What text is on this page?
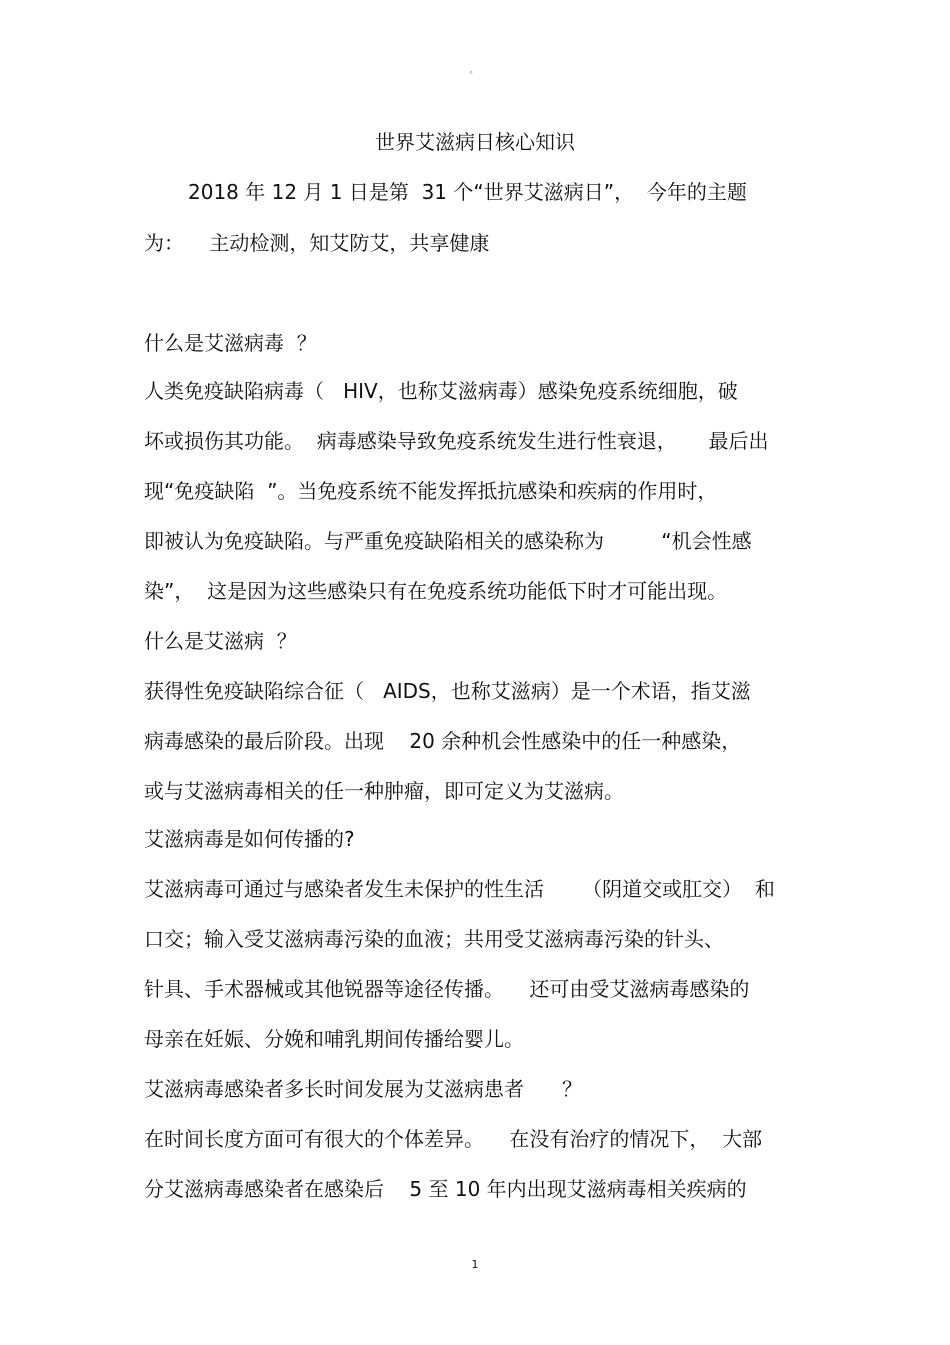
°
世界艾滋病日核心知识
2018 年 12 月 1 日是第  31 个“世界艾滋病日”，  今年的主题
为：    主动检测，知艾防艾，共享健康
什么是艾滋病毒  ？
人类免疫缺陷病毒（   HIV，也称艾滋病毒）感染免疫系统细胞，破
坏或损伤其功能。  病毒感染导致免疫系统发生进行性衰退，     最后出
现“免疫缺陷  ”。当免疫系统不能发挥抵抗感染和疾病的作用时，
即被认为免疫缺陷。与严重免疫缺陷相关的感染称为         “机会性感
染”，  这是因为这些感染只有在免疫系统功能低下时才可能出现。
什么是艾滋病  ？
获得性免疫缺陷综合征（   AIDS，也称艾滋病）是一个术语，指艾滋
病毒感染的最后阶段。出现    20 余种机会性感染中的任一种感染，
或与艾滋病毒相关的任一种肿瘤，即可定义为艾滋病。
艾滋病毒是如何传播的?
艾滋病毒可通过与感染者发生未保护的性生活      （阴道交或肛交）  和
口交；输入受艾滋病毒污染的血液；共用受艾滋病毒污染的针头、
针具、手术器械或其他锐器等途径传播。    还可由受艾滋病毒感染的
母亲在妊娠、分娩和哺乳期间传播给婴儿。
艾滋病毒感染者多长时间发展为艾滋病患者      ？
在时间长度方面可有很大的个体差异。    在没有治疗的情况下，  大部
分艾滋病毒感染者在感染后    5 至 10 年内出现艾滋病毒相关疾病的
1
